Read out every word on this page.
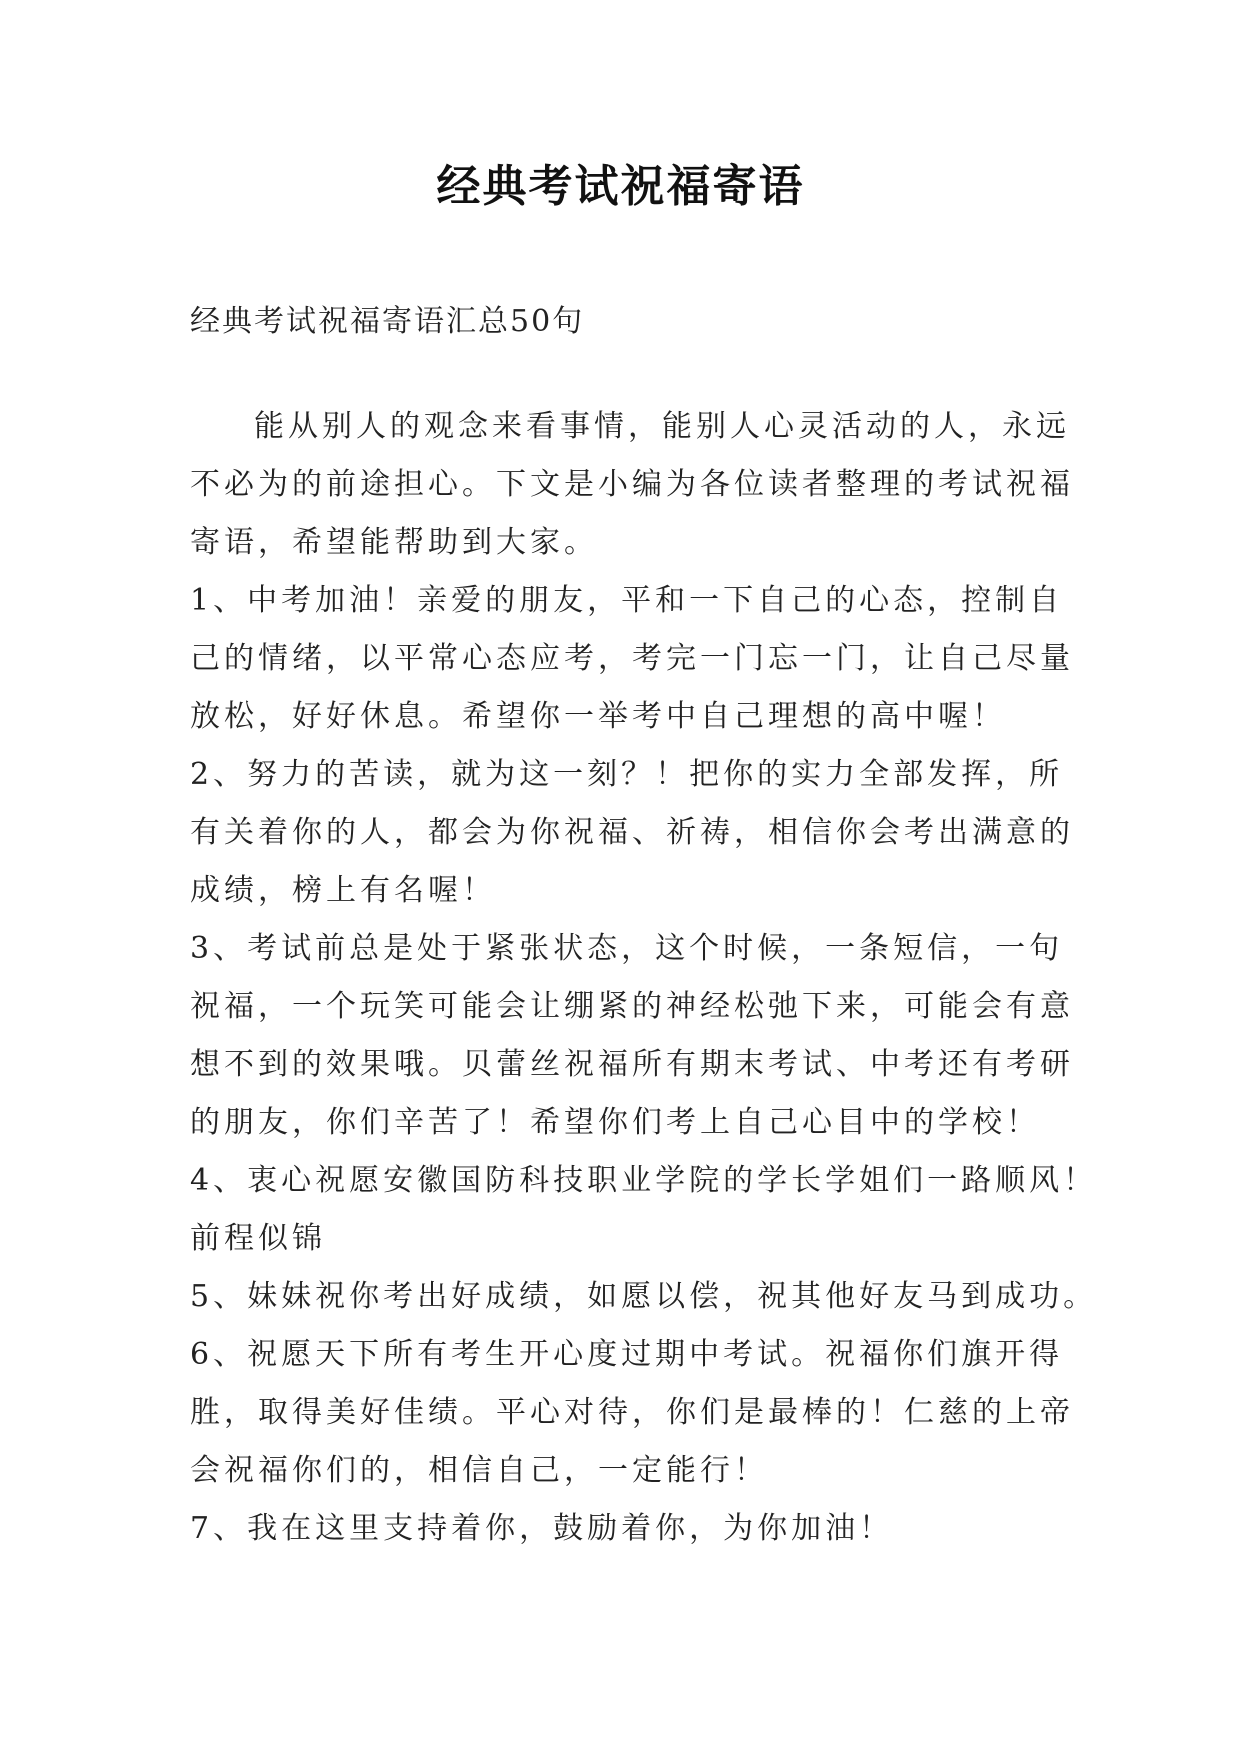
经典考试祝福寄语

经典考试祝福寄语汇总50句

能从别人的观念来看事情，能别人心灵活动的人，永远

不必为的前途担心。下文是小编为各位读者整理的考试祝福

寄语，希望能帮助到大家。

1、中考加油！亲爱的朋友，平和一下自己的心态，控制自

己的情绪，以平常心态应考，考完一门忘一门，让自己尽量

放松，好好休息。希望你一举考中自己理想的高中喔！

2、努力的苦读，就为这一刻？！把你的实力全部发挥，所

有关着你的人，都会为你祝福、祈祷，相信你会考出满意的

成绩，榜上有名喔！

3、考试前总是处于紧张状态，这个时候，一条短信，一句

祝福，一个玩笑可能会让绷紧的神经松弛下来，可能会有意

想不到的效果哦。贝蕾丝祝福所有期末考试、中考还有考研

的朋友，你们辛苦了！希望你们考上自己心目中的学校！

4、衷心祝愿安徽国防科技职业学院的学长学姐们一路顺风！

前程似锦

5、妹妹祝你考出好成绩，如愿以偿，祝其他好友马到成功。

6、祝愿天下所有考生开心度过期中考试。祝福你们旗开得

胜，取得美好佳绩。平心对待，你们是最棒的！仁慈的上帝

会祝福你们的，相信自己，一定能行！

7、我在这里支持着你，鼓励着你，为你加油！
